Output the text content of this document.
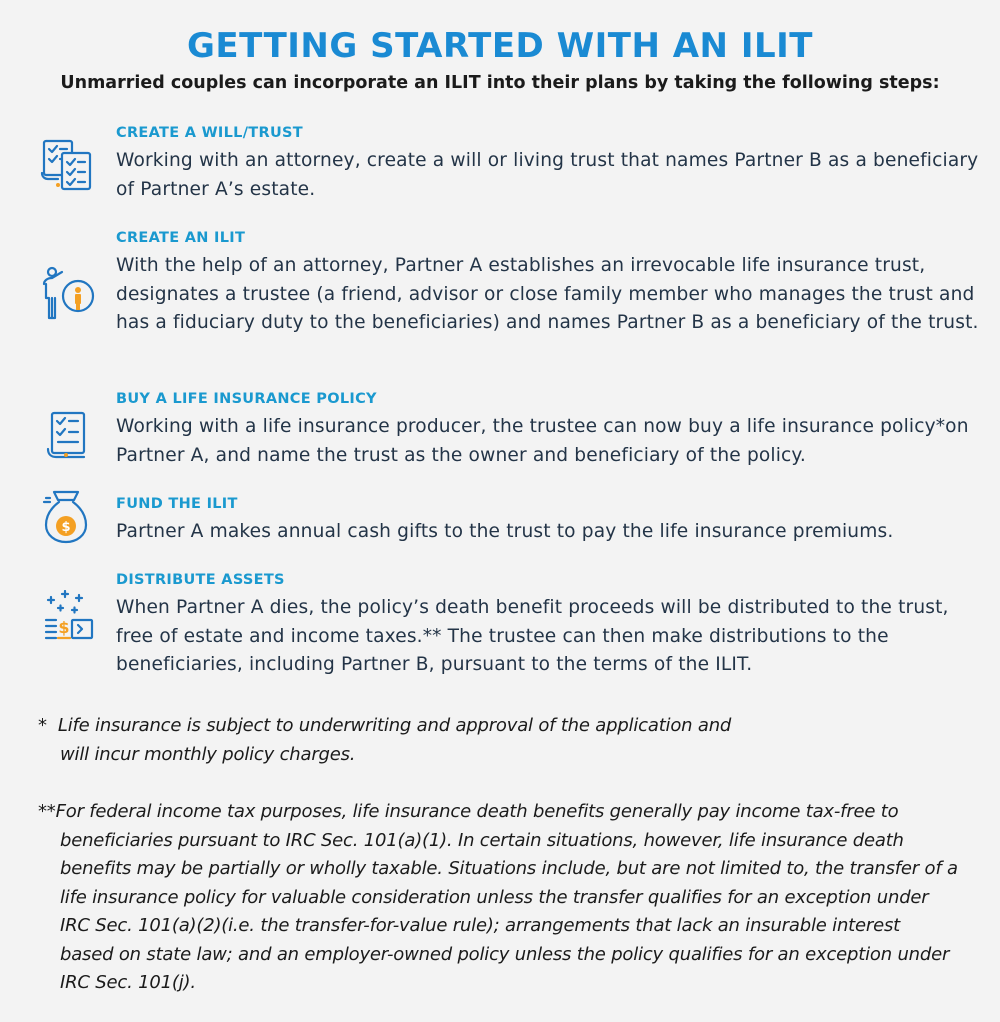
GETTING STARTED WITH AN ILIT

Unmarried couples can incorporate an ILIT into their plans by taking the following steps:

CREATE A WILL/TRUST
Working with an attorney, create a will or living trust that names Partner B as a beneficiary of Partner A’s estate.
CREATE AN ILIT
With the help of an attorney, Partner A establishes an irrevocable life insurance trust, designates a trustee (a friend, advisor or close family member who manages the trust and has a fiduciary duty to the beneficiaries) and names Partner B as a beneficiary of the trust.
BUY A LIFE INSURANCE POLICY
Working with a life insurance producer, the trustee can now buy a life insurance policy*on Partner A, and name the trust as the owner and beneficiary of the policy.
$
FUND THE ILIT
Partner A makes annual cash gifts to the trust to pay the life insurance premiums.
$
DISTRIBUTE ASSETS
When Partner A dies, the policy’s death benefit proceeds will be distributed to the trust, free of estate and income taxes.** The trustee can then make distributions to the beneficiaries, including Partner B, pursuant to the terms of the ILIT.
* Life insurance is subject to underwriting and approval of the application and
will incur monthly policy charges.
**For federal income tax purposes, life insurance death benefits generally pay income tax-free to
beneficiaries pursuant to IRC Sec. 101(a)(1). In certain situations, however, life insurance death benefits may be partially or wholly taxable. Situations include, but are not limited to, the transfer of a life insurance policy for valuable consideration unless the transfer qualifies for an exception under IRC Sec. 101(a)(2)(i.e. the transfer-for-value rule); arrangements that lack an insurable interest based on state law; and an employer-owned policy unless the policy qualifies for an exception under IRC Sec. 101(j).
